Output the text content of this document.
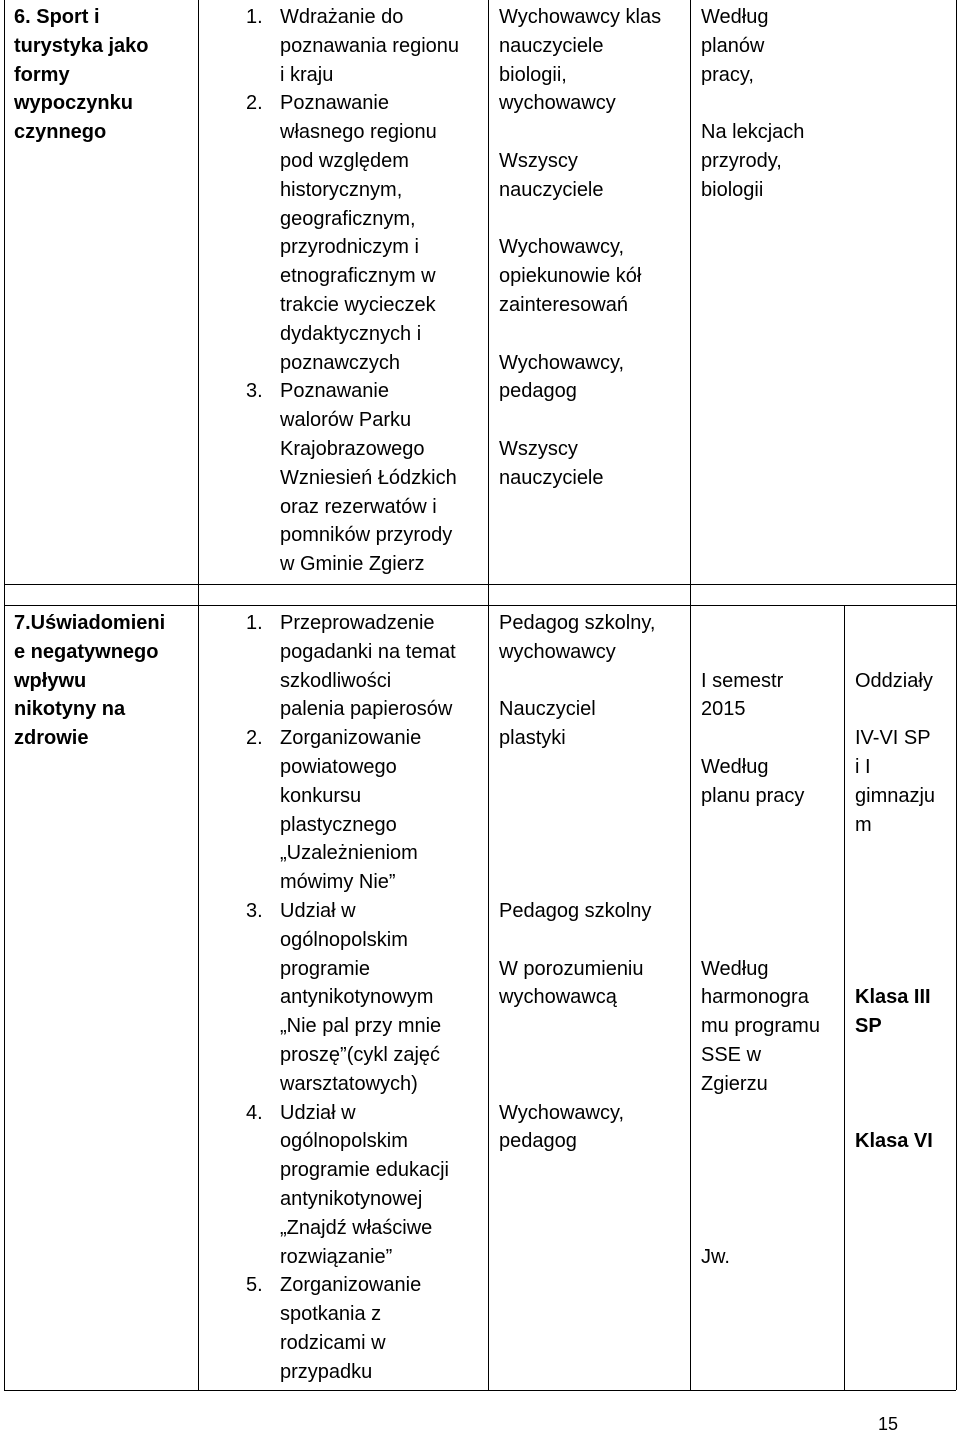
6. Sport i

turystyka jako

formy

wypoczynku

czynnego

1. Wdrażanie do

poznawania regionu

i kraju

2. Poznawanie

własnego regionu

pod względem

historycznym,

geograficznym,

przyrodniczym i

etnograficznym w

trakcie wycieczek

dydaktycznych i

poznawczych

3. Poznawanie

walorów Parku

Krajobrazowego

Wzniesień Łódzkich

oraz rezerwatów i

pomników przyrody

w Gminie Zgierz

Wychowawcy klas

nauczyciele

biologii,

wychowawcy

Wszyscy

nauczyciele

Wychowawcy,

opiekunowie kół

zainteresowań

Wychowawcy,

pedagog

Wszyscy

nauczyciele

Według

planów

pracy,

Na lekcjach

przyrody,

biologii

7.Uświadomieni

e negatywnego

wpływu

nikotyny na

zdrowie

1. Przeprowadzenie

pogadanki na temat

szkodliwości

palenia papierosów

2. Zorganizowanie

powiatowego

konkursu

plastycznego

„Uzależnieniom

mówimy Nie”

3. Udział w

ogólnopolskim

programie

antynikotynowym

„Nie pal przy mnie

proszę”(cykl zajęć

warsztatowych)

4. Udział w

ogólnopolskim

programie edukacji

antynikotynowej

„Znajdź właściwe

rozwiązanie”

5. Zorganizowanie

spotkania z

rodzicami w

przypadku

Pedagog szkolny,

wychowawcy

Nauczyciel

plastyki

Pedagog szkolny

W porozumieniu

wychowawcą

Wychowawcy,

pedagog

I semestr

2015

Według

planu pracy

Według

harmonogra

mu programu

SSE w

Zgierzu

Jw.

Oddziały

IV-VI SP

i I

gimnazju

m

Klasa III

SP

Klasa VI

15
